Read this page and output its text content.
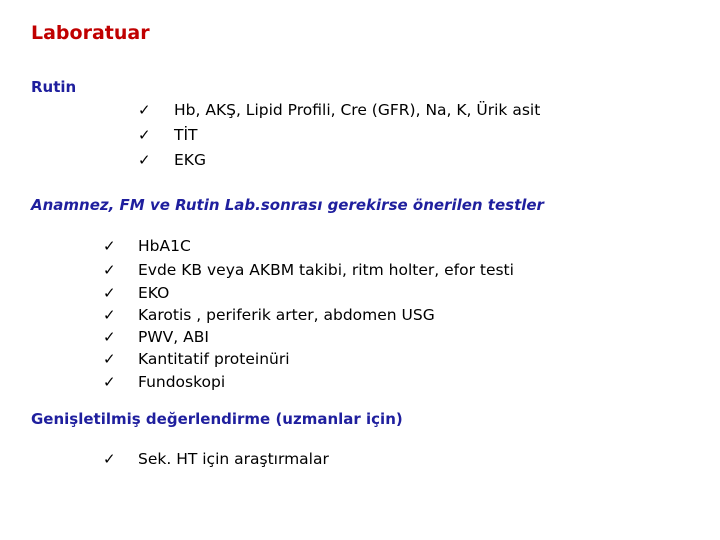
Laboratuar
Rutin
✓ Hb, AKŞ, Lipid Profili, Cre (GFR), Na, K, Ürik asit
✓ TİT
✓ EKG
Anamnez, FM ve Rutin Lab.sonrası gerekirse önerilen testler
✓ HbA1C
✓ Evde KB veya AKBM takibi, ritm holter, efor testi
✓ EKO
✓ Karotis , periferik arter, abdomen USG
✓ PWV, ABI
✓ Kantitatif proteinüri
✓ Fundoskopi
Genişletilmiş değerlendirme (uzmanlar için)
✓ Sek. HT için araştırmalar
